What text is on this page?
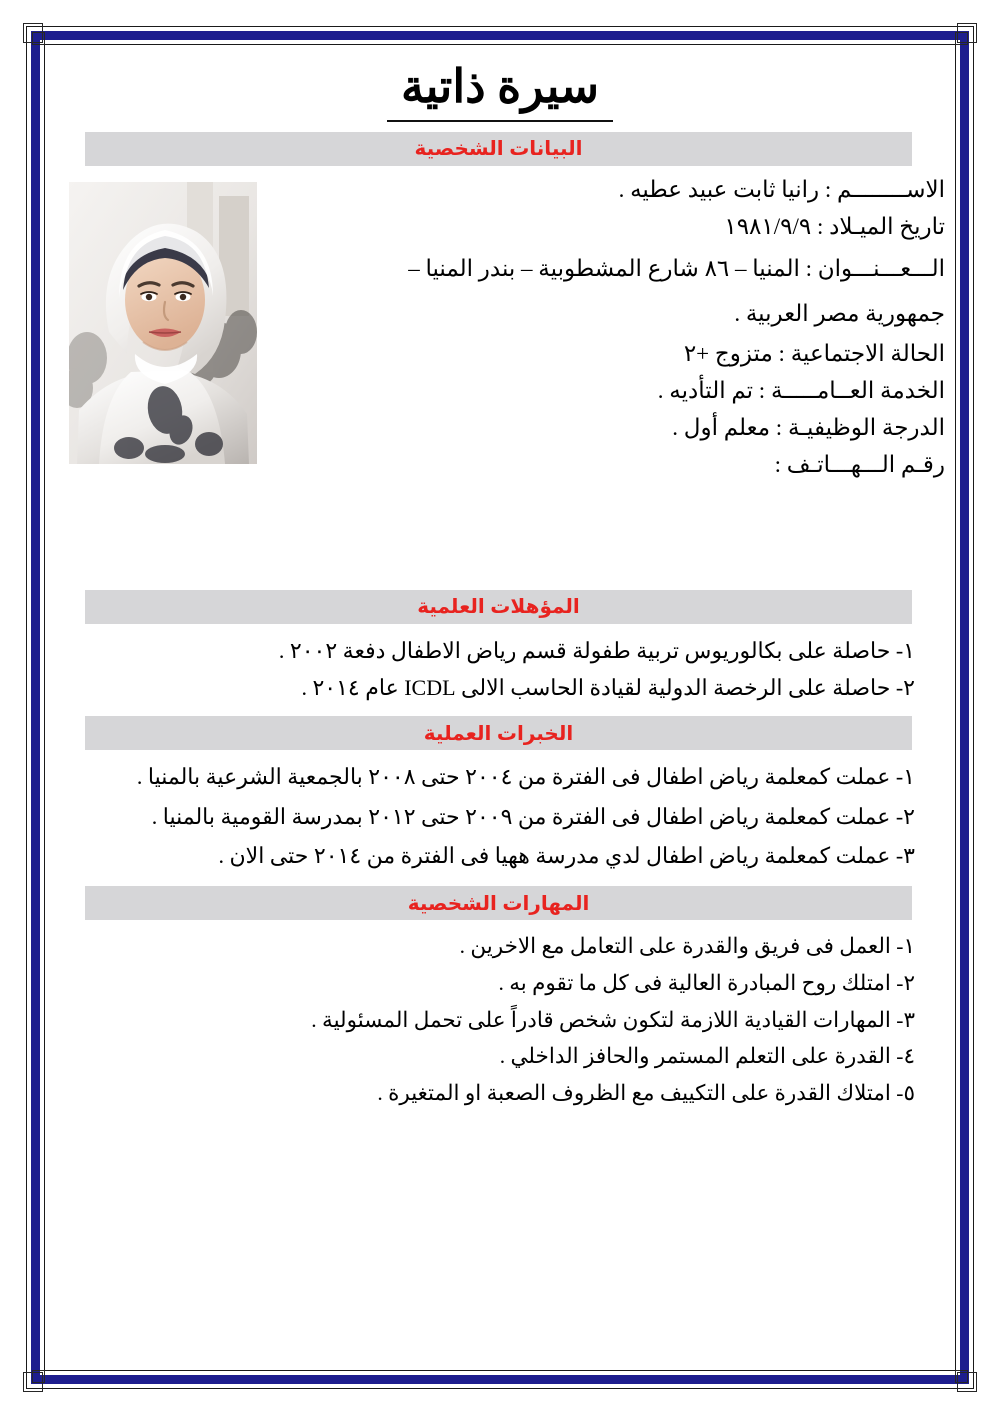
سيرة ذاتية
البيانات الشخصية
الاســــــــم : رانيا ثابت عبيد عطيه .
تاريخ الميـلاد : ١٩٨١/٩/٩
الـــعـــنـــوان : المنيا – ٨٦ شارع المشطوبية – بندر المنيا –
جمهورية مصر العربية .
الحالة الاجتماعية : متزوج +٢
الخدمة العــامـــــة : تم التأديه .
الدرجة الوظيفيـة : معلم أول .
رقـم الـــهـــاتـف :
المؤهلات العلمية
١- حاصلة على بكالوريوس تربية طفولة قسم رياض الاطفال دفعة ٢٠٠٢ .
٢- حاصلة على الرخصة الدولية لقيادة الحاسب الالى ICDL عام ٢٠١٤ .
الخبرات العملية
١- عملت كمعلمة رياض اطفال فى الفترة من ٢٠٠٤ حتى ٢٠٠٨ بالجمعية الشرعية بالمنيا .
٢- عملت كمعلمة رياض اطفال فى الفترة من ٢٠٠٩ حتى ٢٠١٢ بمدرسة القومية بالمنيا .
٣- عملت كمعلمة رياض اطفال لدي مدرسة ههيا فى الفترة من ٢٠١٤ حتى الان .
المهارات الشخصية
١- العمل فى فريق والقدرة على التعامل مع الاخرين .
٢- امتلك روح المبادرة العالية فى كل ما تقوم به .
٣- المهارات القيادية اللازمة لتكون شخص قادراً على تحمل المسئولية .
٤- القدرة على التعلم المستمر والحافز الداخلي .
٥- امتلاك القدرة على التكييف مع الظروف الصعبة او المتغيرة .
